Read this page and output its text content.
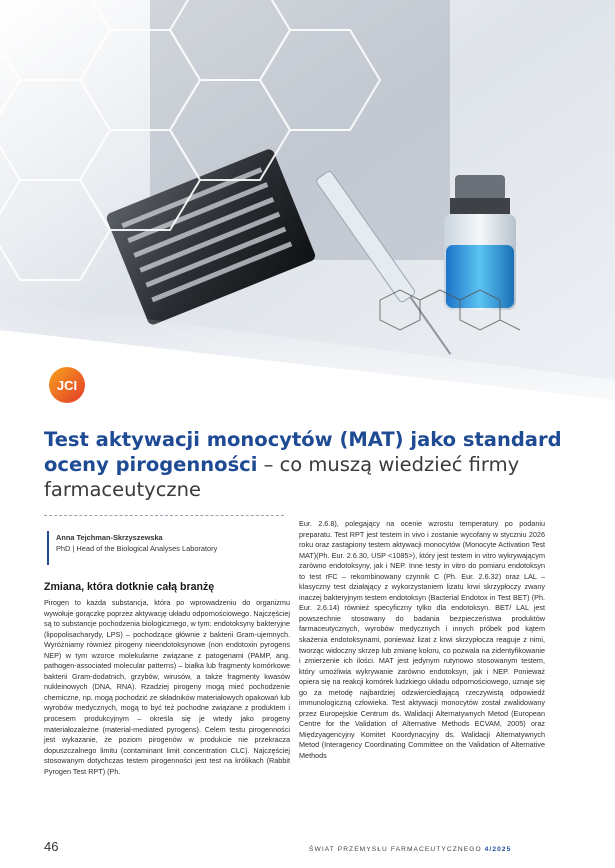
JCI
Test aktywacji monocytów (MAT) jako standard oceny pirogenności – co muszą wiedzieć firmy farmaceutyczne
Anna Tejchman-Skrzyszewska
PhD | Head of the Biological Analyses Laboratory
Zmiana, która dotknie całą branżę

Pirogen to każda substancja, która po wprowadzeniu do organizmu wywołuje gorączkę poprzez aktywację układu odpornościowego. Najczęściej są to substancje pochodzenia biologicznego, w tym: endotoksyny bakteryjne (lipopolisacharydy, LPS) – pochodzące głównie z bakterii Gram-ujemnych. Wyróżniamy również pirogeny nieendotoksynowe (non endotoxin pyrogens NEP) w tym wzorce molekularne związane z patogenami (PAMP, ang. pathogen-associated molecular patterns) – białka lub fragmenty komórkowe bakterii Gram-dodatnich, grzybów, wirusów, a także fragmenty kwasów nukleinowych (DNA, RNA). Rzadziej pirogeny mogą mieć pochodzenie chemiczne, np. mogą pochodzić ze składników materiałowych opakowań lub wyrobów medycznych, mogą to być też pochodne związane z produktem i procesem produkcyjnym – określa się je wtedy jako pirogeny materiałozależne (material-mediated pyrogens). Celem testu pirogenności jest wykazanie, że poziom pirogenów w produkcie nie przekracza dopuszczalnego limitu (contaminant limit concentration CLC). Najczęściej stosowanym dotychczas testem pirogenności jest test na królikach (Rabbit Pyrogen Test RPT) (Ph.

Eur. 2.6.8), polegający na ocenie wzrostu temperatury po podaniu preparatu. Test RPT jest testem in vivo i zostanie wycofany w styczniu 2026 roku oraz zastąpiony testem aktywacji monocytów (Monocyte Activation Test MAT)(Ph. Eur. 2.6.30, USP <1085>), który jest testem in vitro wykrywającym zarówno endotoksyny, jak i NEP. Inne testy in vitro do pomiaru endotoksyn to test rFC – rekombinowany czynnik C (Ph. Eur. 2.6.32) oraz LAL – klasyczny test działający z wykorzystaniem lizatu krwi skrzypłoczy zwany inaczej bakteryjnym testem endotoksyn (Bacterial Endotox in Test BET) (Ph. Eur. 2.6.14) również specyficzny tylko dla endotoksyn. BET/ LAL jest powszechnie stosowany do badania bezpieczeństwa produktów farmaceutycznych, wyrobów medycznych i innych próbek pod kątem skażenia endotoksynami, ponieważ lizat z krwi skrzypłocza reaguje z nimi, tworząc widoczny skrzep lub zmianę koloru, co pozwala na zidentyfikowanie i zmierzenie ich ilości. MAT jest jedynym rutynowo stosowanym testem, który umożliwia wykrywanie zarówno endotoksyn, jak i NEP. Ponieważ opiera się na reakcji komórek ludzkiego układu odpornościowego, uznaje się go za metodę najbardziej odzwierciedlającą rzeczywistą odpowiedź immunologiczną człowieka. Test aktywacji monocytów został zwalidowany przez Europejskie Centrum ds. Walidacji Alternatywnych Metod (European Centre for the Validation of Alternative Methods ECVAM, 2005) oraz Międzyagencyjny Komitet Koordynacyjny ds. Walidacji Alternatywnych Metod (Interagency Coordinating Committee on the Validation of Alternative Methods

46	ŚWIAT PRZEMYSŁU FARMACEUTYCZNEGO 4/2025
